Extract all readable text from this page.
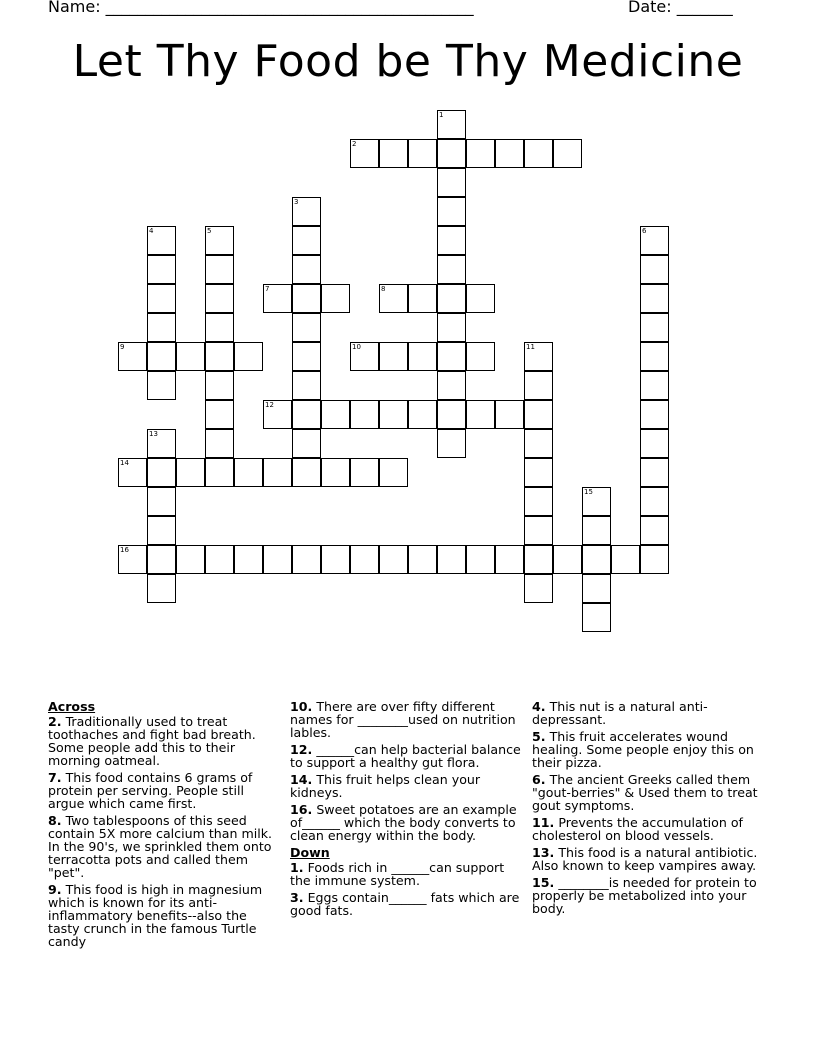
Name: ______________________________________________	Date: _______
Let Thy Food be Thy Medicine
1
2
3
4	5	6
7	8
9	10	11
12
13
14
15
16
Across
2. Traditionally used to treat toothaches and fight bad breath. Some people add this to their morning oatmeal.
7. This food contains 6 grams of protein per serving. People still argue which came first.
8. Two tablespoons of this seed contain 5X more calcium than milk. In the 90's, we sprinkled them onto terracotta pots and called them "pet".
9. This food is high in magnesium which is known for its anti-inflammatory benefits--also the tasty crunch in the famous Turtle candy
10. There are over fifty different names for ________used on nutrition lables.
12. ______can help bacterial balance to support a healthy gut flora.
14. This fruit helps clean your kidneys.
16. Sweet potatoes are an example of______ which the body converts to clean energy within the body.
Down
1. Foods rich in ______can support the immune system.
3. Eggs contain______ fats which are good fats.
4. This nut is a natural anti-depressant.
5. This fruit accelerates wound healing. Some people enjoy this on their pizza.
6. The ancient Greeks called them "gout-berries" & Used them to treat gout symptoms.
11. Prevents the accumulation of cholesterol on blood vessels.
13. This food is a natural antibiotic. Also known to keep vampires away.
15. ________is needed for protein to properly be metabolized into your body.
